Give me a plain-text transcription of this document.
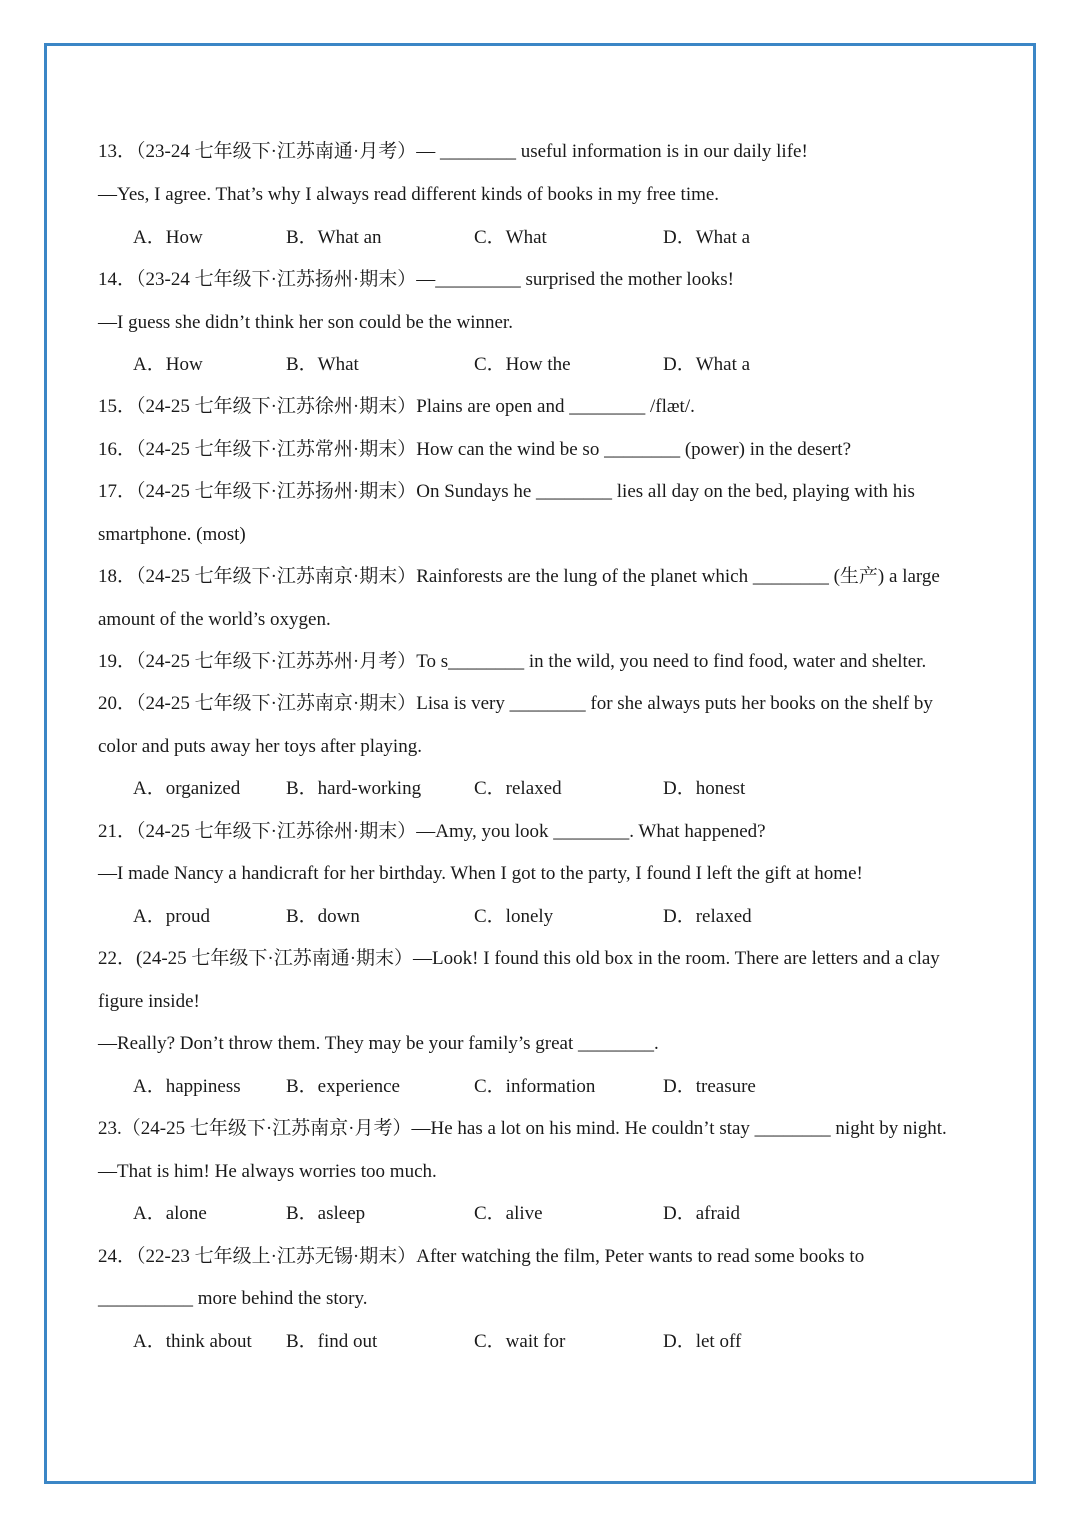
13．（23-24 七年级下·江苏南通·月考）— ________ useful information is in our daily life!
—Yes, I agree. That’s why I always read different kinds of books in my free time.
A．How	B．What an	C．What	D．What a
14．（23-24 七年级下·江苏扬州·期末）—_________ surprised the mother looks!
—I guess she didn’t think her son could be the winner.
A．How	B．What	C．How the	D．What a
15．（24-25 七年级下·江苏徐州·期末）Plains are open and ________ /flæt/.
16．（24-25 七年级下·江苏常州·期末）How can the wind be so ________ (power) in the desert?
17．（24-25 七年级下·江苏扬州·期末）On Sundays he ________ lies all day on the bed, playing with his
smartphone. (most)
18．（24-25 七年级下·江苏南京·期末）Rainforests are the lung of the planet which ________ (生产) a large
amount of the world’s oxygen.
19．（24-25 七年级下·江苏苏州·月考）To s________ in the wild, you need to find food, water and shelter.
20．（24-25 七年级下·江苏南京·期末）Lisa is very ________ for she always puts her books on the shelf by
color and puts away her toys after playing.
A．organized B．hard-working	C．relaxed	D．honest
21．（24-25 七年级下·江苏徐州·期末）—Amy, you look ________. What happened?
—I made Nancy a handicraft for her birthday. When I got to the party, I found I left the gift at home!
A．proud	B．down	C．lonely	D．relaxed
22．(24-25 七年级下·江苏南通·期末）—Look! I found this old box in the room. There are letters and a clay
figure inside!
—Really? Don’t throw them. They may be your family’s great ________.
A．happiness B．experience	C．information	D．treasure
23.（24-25 七年级下·江苏南京·月考）—He has a lot on his mind. He couldn’t stay ________ night by night.
—That is him! He always worries too much.
A．alone	B．asleep	C．alive	D．afraid
24．（22-23 七年级上·江苏无锡·期末）After watching the film, Peter wants to read some books to
__________ more behind the story.
A．think about B．find out	C．wait for	D．let off
